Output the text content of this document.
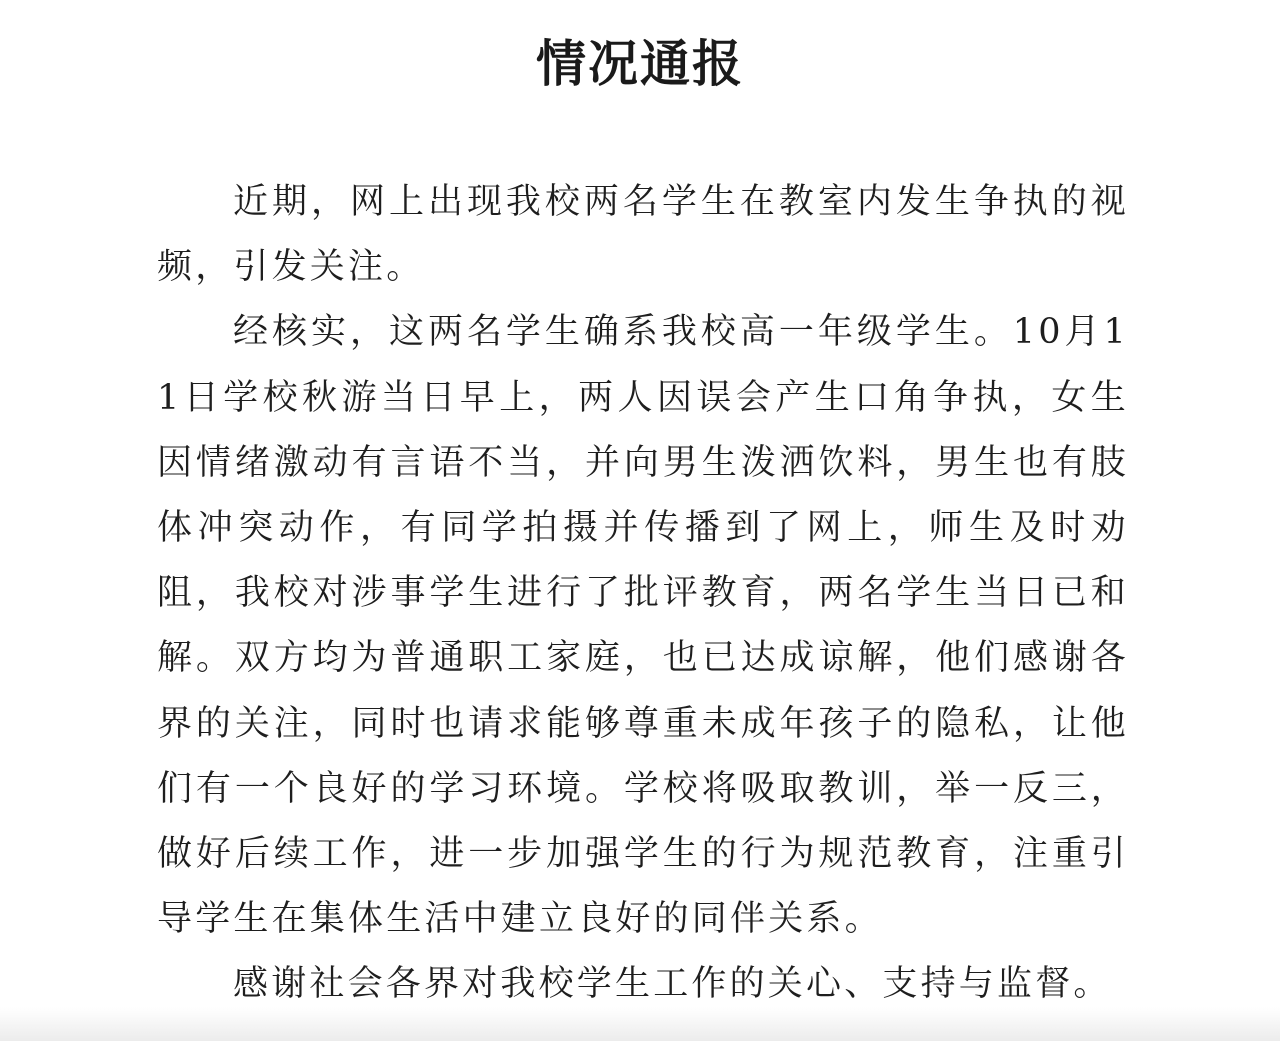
情况通报

近期，网上出现我校两名学生在教室内发生争执的视频，引发关注。

经核实，这两名学生确系我校高一年级学生。10月11日学校秋游当日早上，两人因误会产生口角争执，女生因情绪激动有言语不当，并向男生泼洒饮料，男生也有肢体冲突动作，有同学拍摄并传播到了网上，师生及时劝阻，我校对涉事学生进行了批评教育，两名学生当日已和解。双方均为普通职工家庭，也已达成谅解，他们感谢各界的关注，同时也请求能够尊重未成年孩子的隐私，让他们有一个良好的学习环境。学校将吸取教训，举一反三，做好后续工作，进一步加强学生的行为规范教育，注重引导学生在集体生活中建立良好的同伴关系。

感谢社会各界对我校学生工作的关心、支持与监督。
